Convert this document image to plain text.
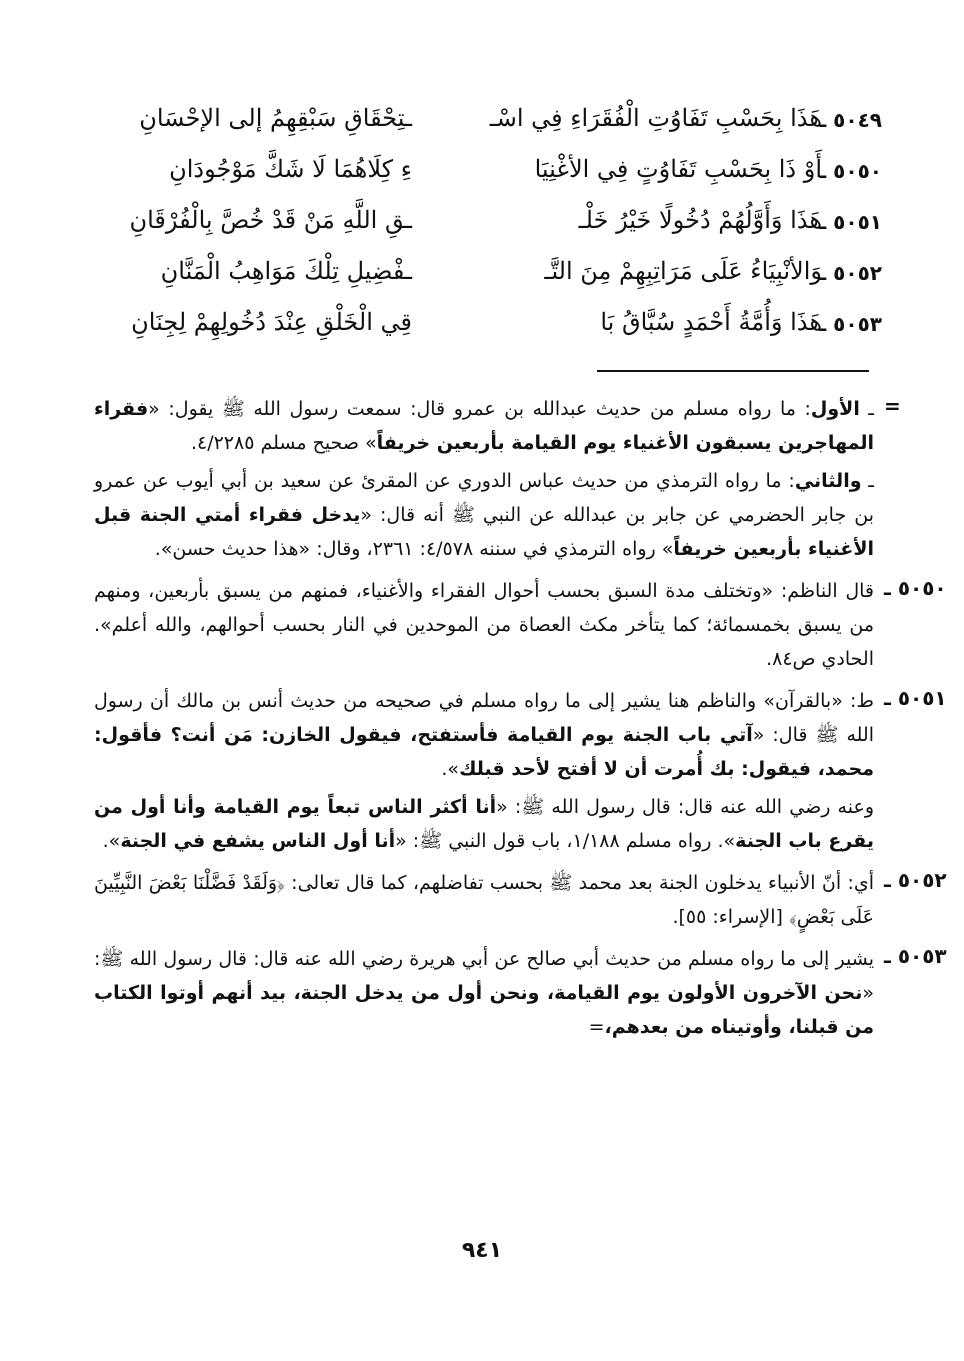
٥٠٤٩ ـ
هَذَا بِحَسْبِ تَفَاوُتِ الْفُقَرَاءِ فِي اسْـ
ـتِحْقَاقِ سَبْقِهِمُ إلى الإحْسَانِ
٥٠٥٠ ـ
أَوْ ذَا بِحَسْبِ تَفَاوُتٍ فِي الأغْنِيَا
ءِ كِلَاهُمَا لَا شَكَّ مَوْجُودَانِ
٥٠٥١ ـ
هَذَا وَأَوَّلُهُمْ دُخُولًا خَيْرُ خَلْـ
ـقِ اللَّهِ مَنْ قَدْ خُصَّ بِالْفُرْقَانِ
٥٠٥٢ ـ
وَالأنْبِيَاءُ عَلَى مَرَاتِبِهِمْ مِنَ التَّـ
ـفْضِيلِ تِلْكَ مَوَاهِبُ الْمَنَّانِ
٥٠٥٣ ـ
هَذَا وَأُمَّةُ أَحْمَدٍ سُبَّاقُ بَا
قِي الْخَلْقِ عِنْدَ دُخُولِهِمْ لِجِنَانِ
=

ـ الأول: ما رواه مسلم من حديث عبدالله بن عمرو قال: سمعت رسول الله ﷺ يقول: «فقراء المهاجرين يسبقون الأغنياء يوم القيامة بأربعين خريفاً» صحيح مسلم ٤/٢٢٨٥.

ـ والثاني: ما رواه الترمذي من حديث عباس الدوري عن المقرئ عن سعيد بن أبي أيوب عن عمرو بن جابر الحضرمي عن جابر بن عبدالله عن النبي ﷺ أنه قال: «يدخل فقراء أمتي الجنة قبل الأغنياء بأربعين خريفاً» رواه الترمذي في سننه ٤/٥٧٨: ٢٣٦١، وقال: «هذا حديث حسن».

٥٠٥٠ ـ

قال الناظم: «وتختلف مدة السبق بحسب أحوال الفقراء والأغنياء، فمنهم من يسبق بأربعين، ومنهم من يسبق بخمسمائة؛ كما يتأخر مكث العصاة من الموحدين في النار بحسب أحوالهم، والله أعلم». الحادي ص٨٤.

٥٠٥١ ـ

ط: «بالقرآن» والناظم هنا يشير إلى ما رواه مسلم في صحيحه من حديث أنس بن مالك أن رسول الله ﷺ قال: «آتي باب الجنة يوم القيامة فأستفتح، فيقول الخازن: مَن أنت؟ فأقول: محمد، فيقول: بك أُمرت أن لا أفتح لأحد قبلك».

وعنه رضي الله عنه قال: قال رسول الله ﷺ: «أنا أكثر الناس تبعاً يوم القيامة وأنا أول من يقرع باب الجنة». رواه مسلم ١/١٨٨، باب قول النبي ﷺ: «أنا أول الناس يشفع في الجنة».

٥٠٥٢ ـ

أي: أنّ الأنبياء يدخلون الجنة بعد محمد ﷺ بحسب تفاضلهم، كما قال تعالى: ﴿وَلَقَدْ فَضَّلْنَا بَعْضَ النَّبِيِّينَ عَلَى بَعْضٍ﴾ [الإسراء: ٥٥].

٥٠٥٣ ـ

يشير إلى ما رواه مسلم من حديث أبي صالح عن أبي هريرة رضي الله عنه قال: قال رسول الله ﷺ: «نحن الآخرون الأولون يوم القيامة، ونحن أول من يدخل الجنة، بيد أنهم أوتوا الكتاب من قبلنا، وأوتيناه من بعدهم،=

٩٤١
